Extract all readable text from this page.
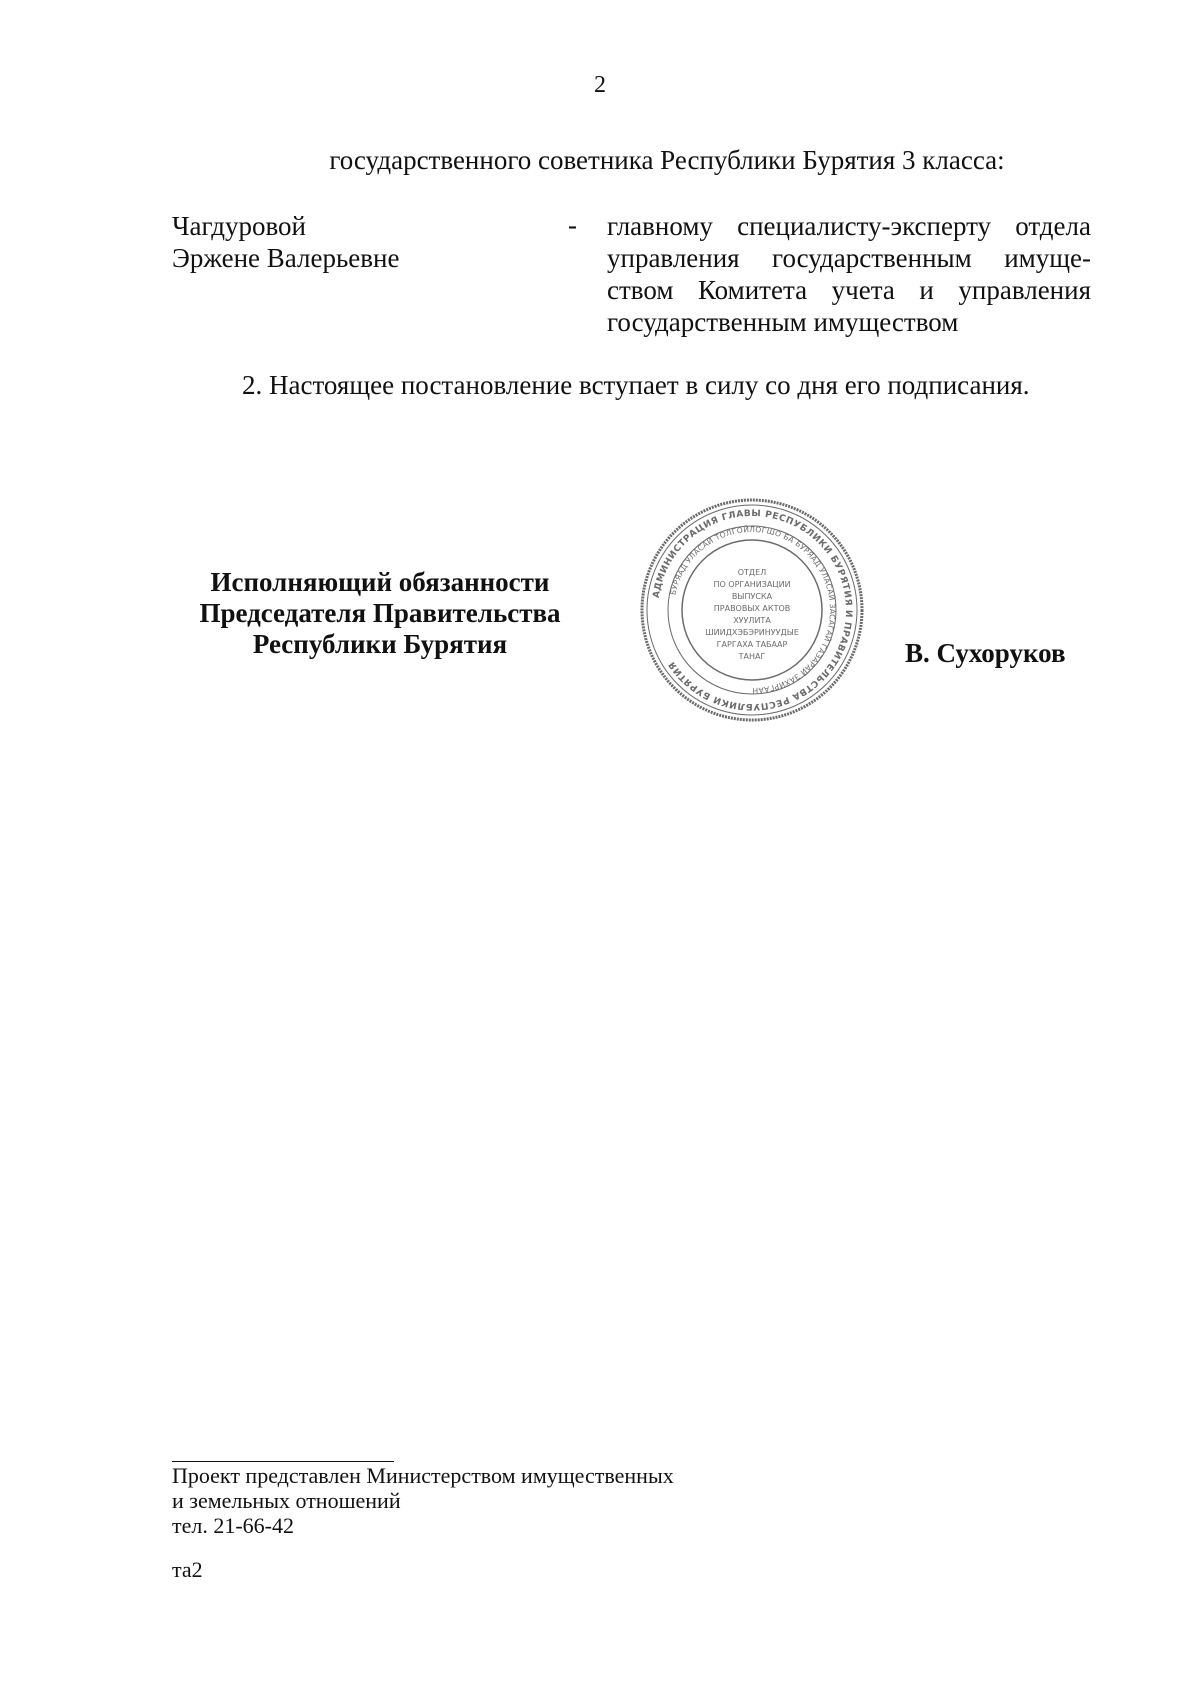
2
государственного советника Республики Бурятия 3 класса:
Чагдуровой
Эржене Валерьевне
- главному специалисту-эксперту отдела
управления государственным имуще-
ством Комитета учета и управления
государственным имуществом
2. Настоящее постановление вступает в силу со дня его подписания.
Исполняющий обязанности
Председателя Правительства
Республики Бурятия
АДМИНИСТРАЦИЯ ГЛАВЫ РЕСПУБЛИКИ БУРЯТИЯ И ПРАВИТЕЛЬСТВА РЕСПУБЛИКИ БУРЯТИЯ
БУРЯАД УЛАСАЙ ТОЛГОЙЛОГШО БА БУРЯАД УЛАСАЙ ЗАСАГАЙ ГАЗАРАЙ ЗАХИРГААН
ОТДЕЛ
ПО ОРГАНИЗАЦИИ
ВЫПУСКА
ПРАВОВЫХ АКТОВ
ХУУЛИТА
ШИИДХЭБЭРИНУУДЫЕ
ГАРГАХА ТАБААР
ТАНАГ	В. Сухоруков
Проект представлен Министерством имущественных
и земельных отношений
тел. 21-66-42
та2
